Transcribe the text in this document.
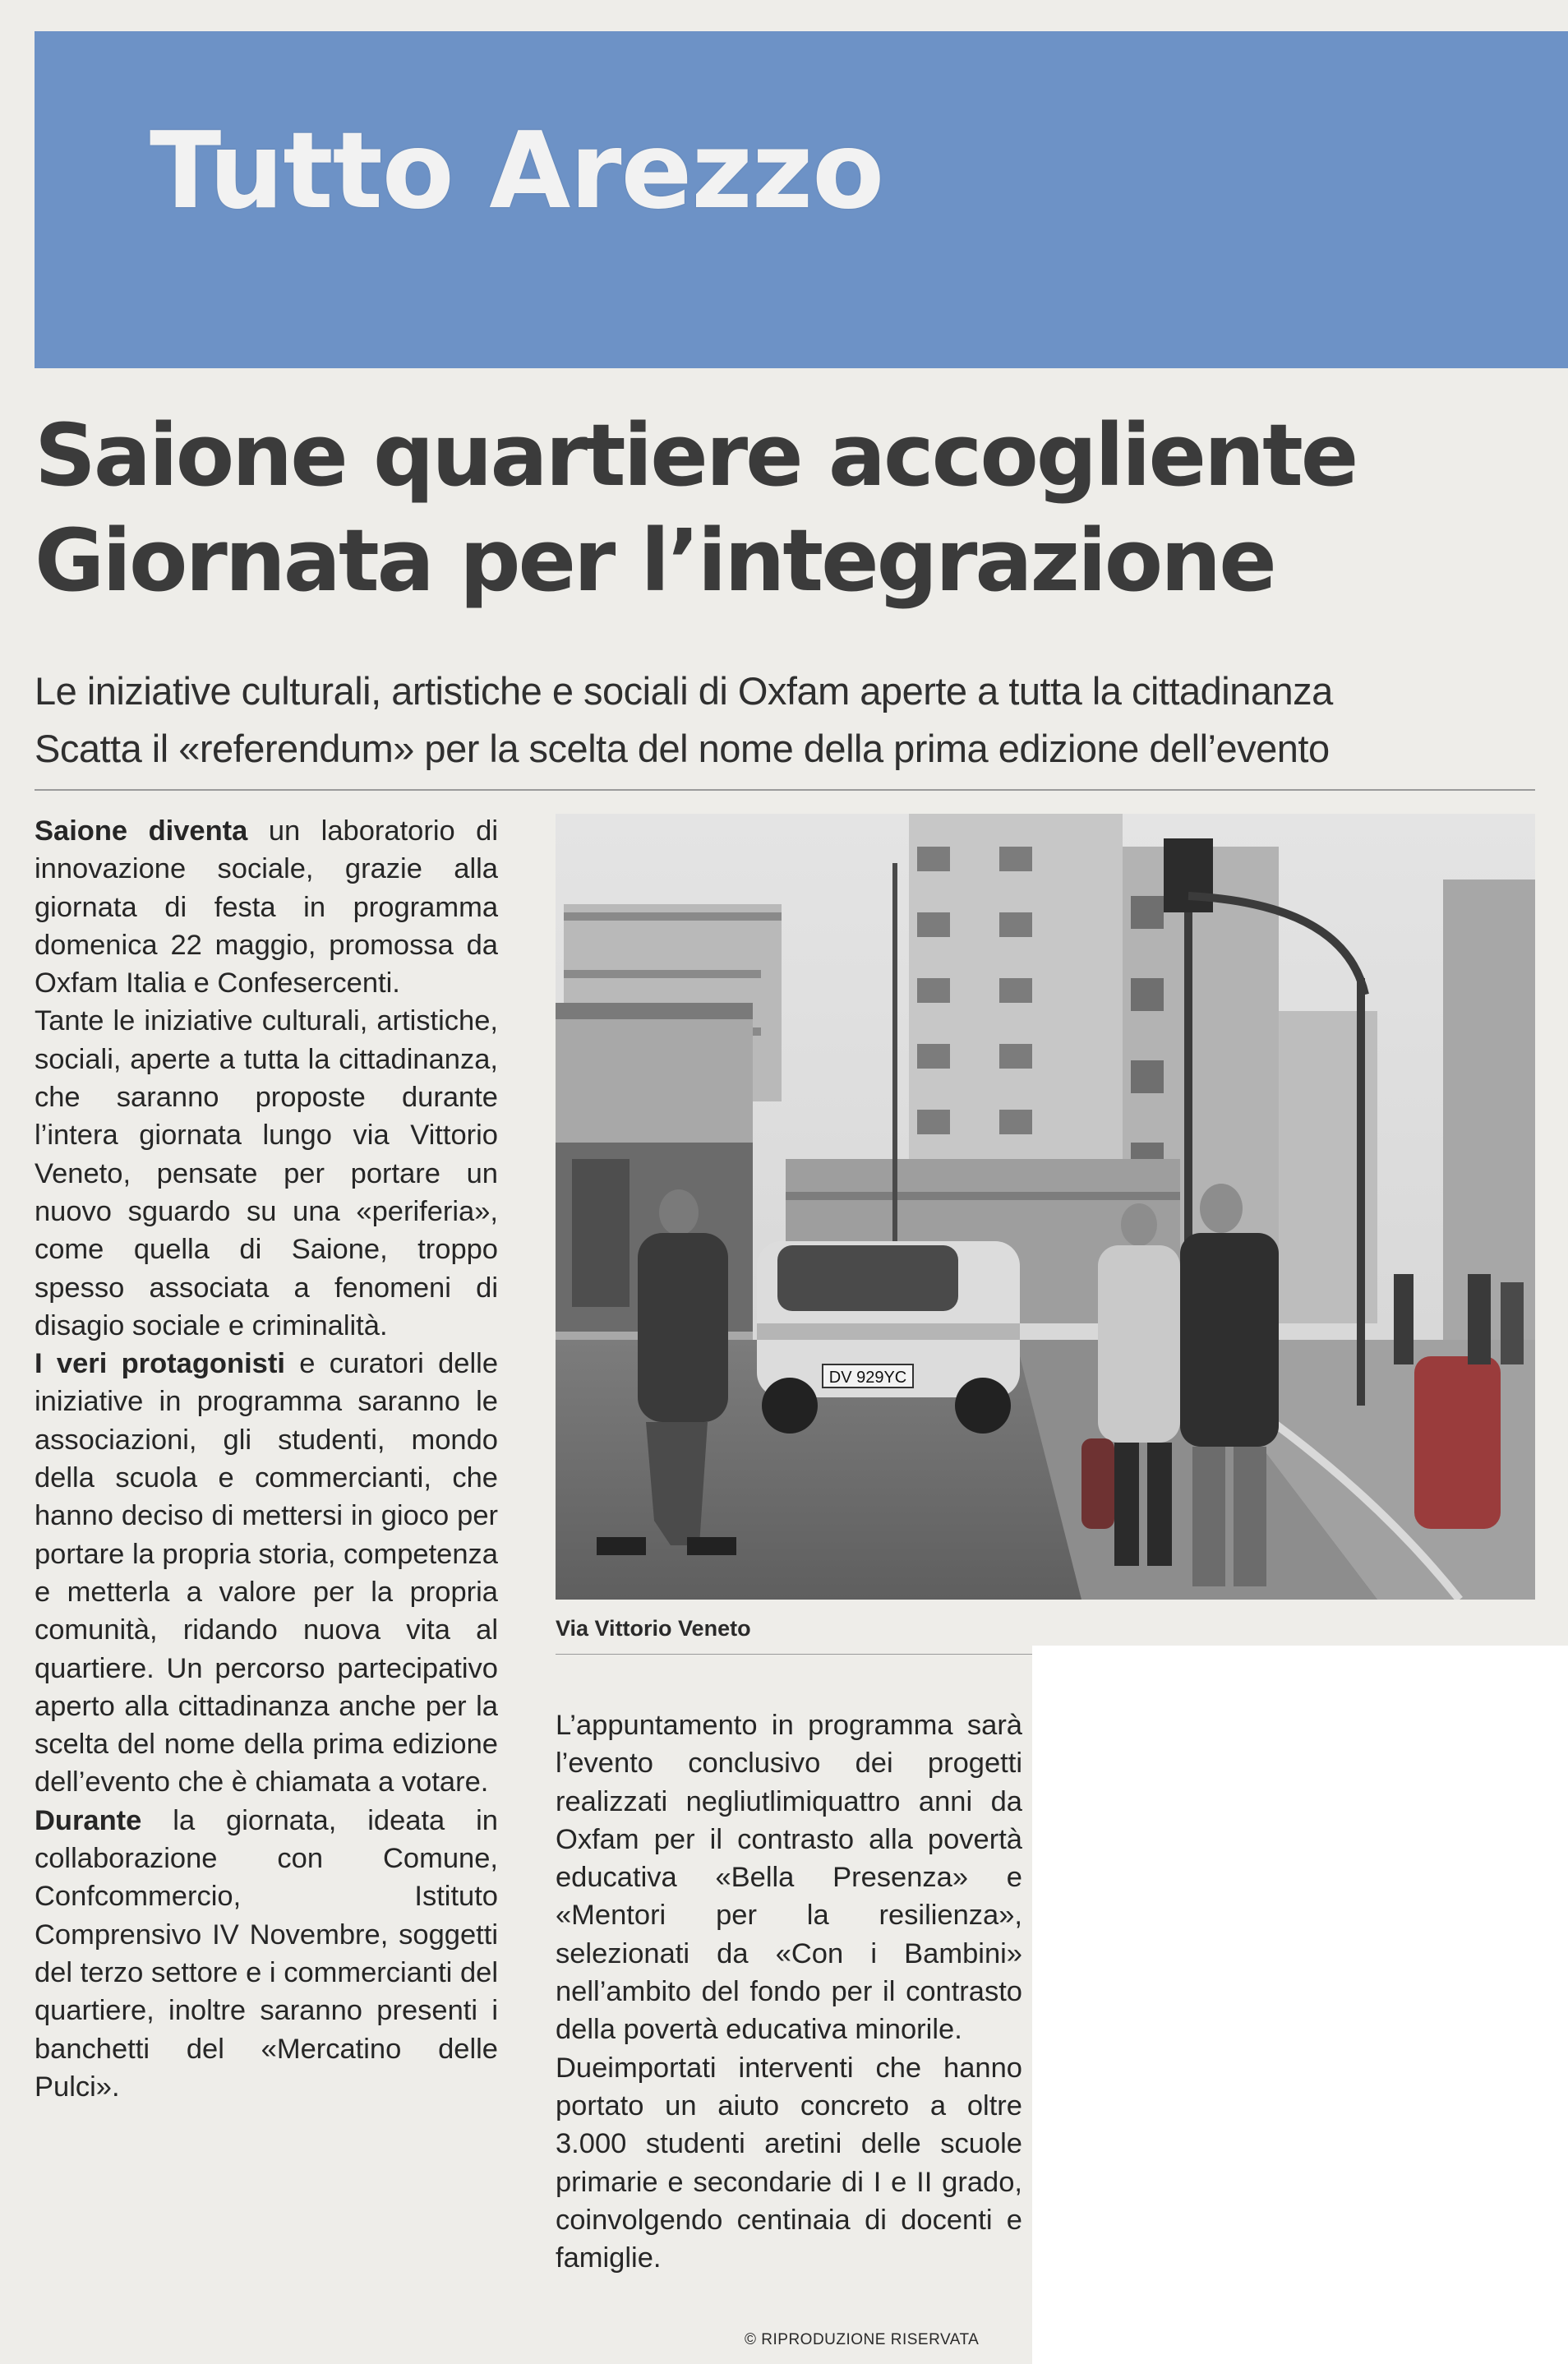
Tutto Arezzo
Saione quartiere accogliente
Giornata per l’integrazione
Le iniziative culturali, artistiche e sociali di Oxfam aperte a tutta la cittadinanza
Scatta il «referendum» per la scelta del nome della prima edizione dell’evento

Saione diventa un laboratorio di innovazione sociale, grazie alla giornata di festa in programma domenica 22 maggio, promossa da Oxfam Italia e Confesercenti.

Tante le iniziative culturali, artistiche, sociali, aperte a tutta la cittadinanza, che saranno proposte durante l’intera giornata lungo via Vittorio Veneto, pensate per portare un nuovo sguardo su una «periferia», come quella di Saione, troppo spesso associata a fenomeni di disagio sociale e criminalità.

I veri protagonisti e curatori delle iniziative in programma saranno le associazioni, gli studenti, mondo della scuola e commercianti, che hanno deciso di mettersi in gioco per portare la propria storia, competenza e metterla a valore per la propria comunità, ridando nuova vita al quartiere. Un percorso partecipativo aperto alla cittadinanza anche per la scelta del nome della prima edizione dell’evento che è chiamata a votare.

Durante la giornata, ideata in collaborazione con Comune, Confcommercio, Istituto Comprensivo IV Novembre, soggetti del terzo settore e i commercianti del quartiere, inoltre saranno presenti i banchetti del «Mercatino delle Pulci».

DV 929YC
Via Vittorio Veneto

L’appuntamento in programma sarà l’evento conclusivo dei progetti realizzati negliutlimiquattro anni da Oxfam per il contrasto alla povertà educativa «Bella Presenza» e «Mentori per la resilienza», selezionati da «Con i Bambini» nell’ambito del fondo per il contrasto della povertà educativa minorile.

Dueimportati interventi che hanno portato un aiuto concreto a oltre 3.000 studenti aretini delle scuole primarie e secondarie di I e II grado, coinvolgendo centinaia di docenti e famiglie.

© RIPRODUZIONE RISERVATA
